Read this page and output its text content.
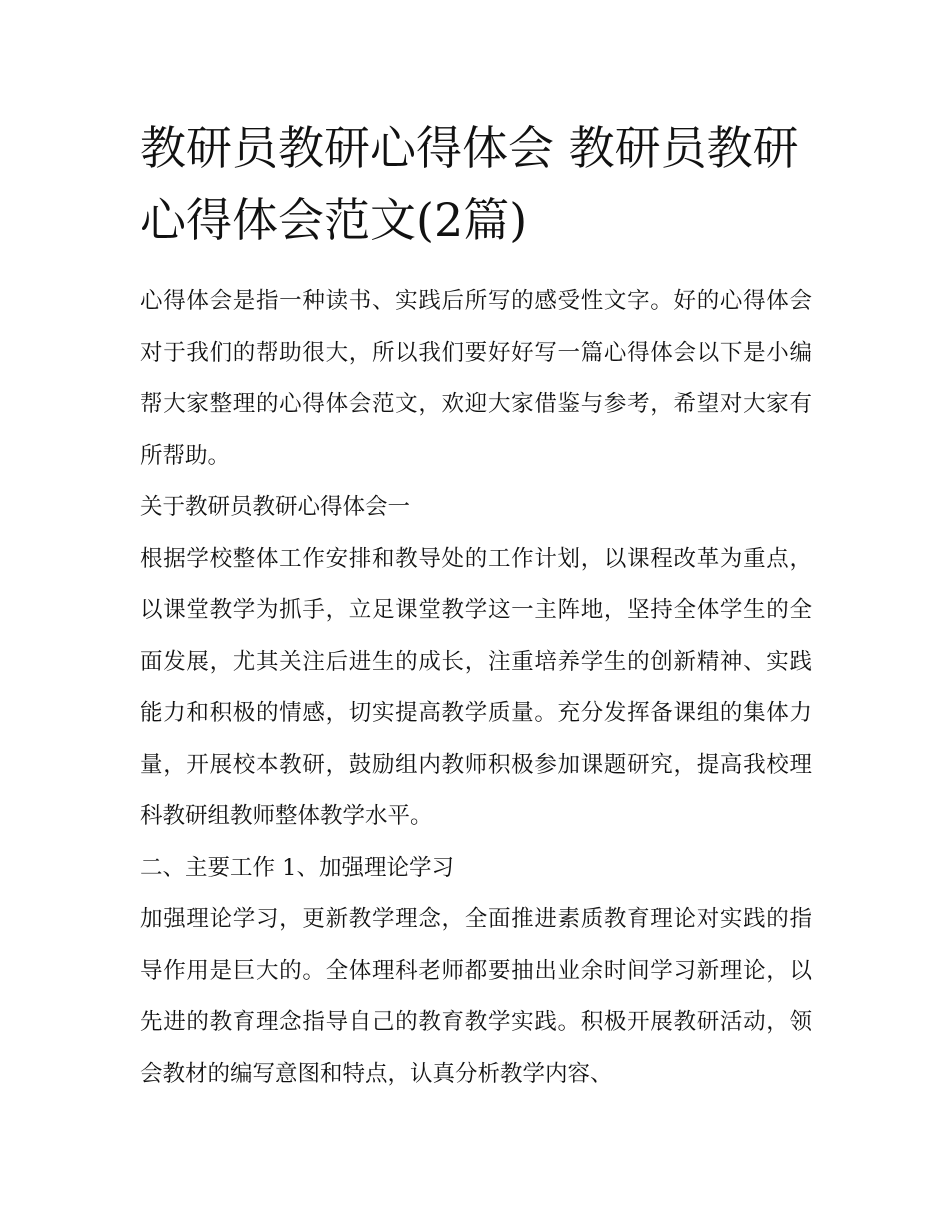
教研员教研心得体会 教研员教研心得体会范文(2篇)

心得体会是指一种读书、实践后所写的感受性文字。好的心得体会对于我们的帮助很大，所以我们要好好写一篇心得体会以下是小编帮大家整理的心得体会范文，欢迎大家借鉴与参考，希望对大家有所帮助。

关于教研员教研心得体会一

根据学校整体工作安排和教导处的工作计划，以课程改革为重点，以课堂教学为抓手，立足课堂教学这一主阵地，坚持全体学生的全面发展，尤其关注后进生的成长，注重培养学生的创新精神、实践能力和积极的情感，切实提高教学质量。充分发挥备课组的集体力量，开展校本教研，鼓励组内教师积极参加课题研究，提高我校理科教研组教师整体教学水平。

二、主要工作 1、加强理论学习

加强理论学习，更新教学理念，全面推进素质教育理论对实践的指导作用是巨大的。全体理科老师都要抽出业余时间学习新理论，以先进的教育理念指导自己的教育教学实践。积极开展教研活动，领会教材的编写意图和特点，认真分析教学内容、
